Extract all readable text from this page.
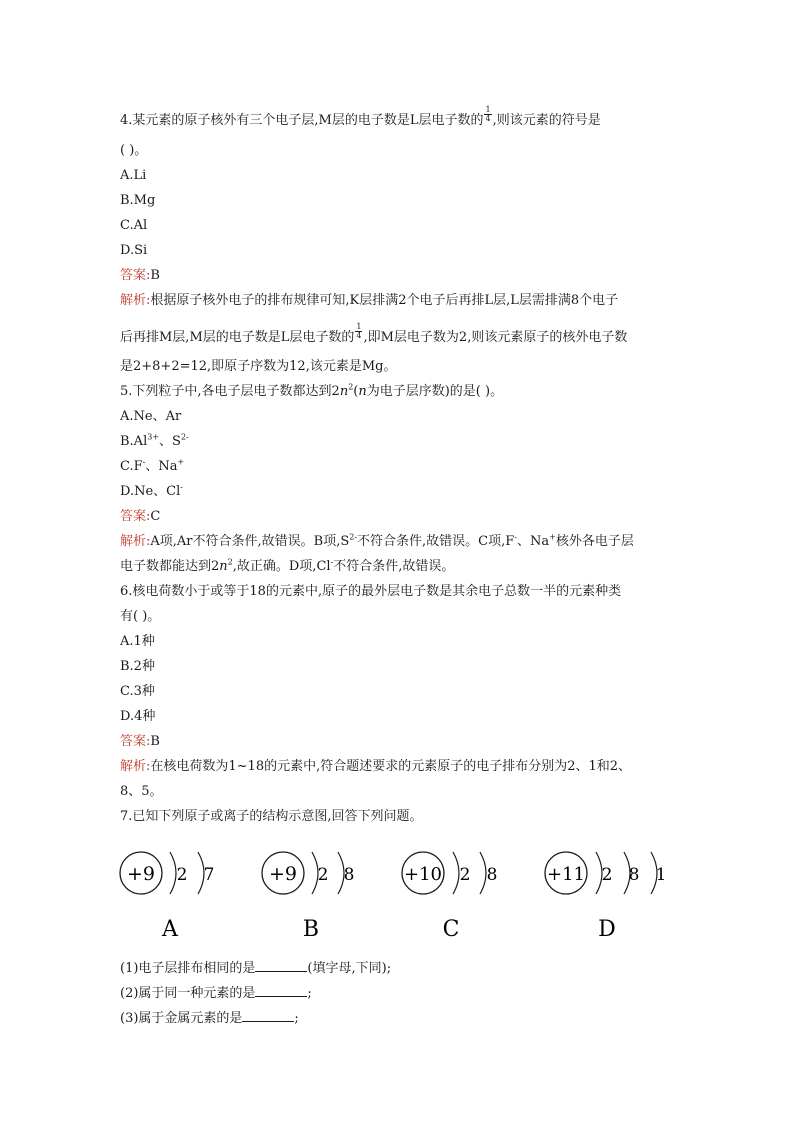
4.某元素的原子核外有三个电子层,M层的电子数是L层电子数的 $\frac{1}{4}$ ,则该元素的符号是
( )。
A.Li
B.Mg
C.Al
D.Si
答案:B
解析:根据原子核外电子的排布规律可知,K层排满2个电子后再排L层,L层需排满8个电子
后再排M层,M层的电子数是L层电子数的 $\frac{1}{4}$ ,即M层电子数为2,则该元素原子的核外电子数
是2+8+2=12,即原子序数为12,该元素是Mg。
5.下列粒子中,各电子层电子数都达到$2n^2(n$为电子层序数)的是( )。
A.Ne、Ar
$B.Al^{3+}$、$S^{2-}$
C.F-、Na+
D.Ne、Cl-
答案:C
解析:A项,Ar不符合条件,故错误。B项$,S^{2-}$不符合条件,故错误。C项,F-、Na+核外各电子层
电子数都能达到$2n^2$,故正确。D项,Cl-不符合条件,故错误。
6.核电荷数小于或等于18的元素中,原子的最外层电子数是其余电子总数一半的元素种类
有( )。
A.1种
B.2种
C.3种
D.4种
答案:B
解析:在核电荷数为1~18的元素中,符合题述要求的元素原子的电子排布分别为2、1和2、
8、5。
7.已知下列原子或离子的结构示意图,回答下列问题。
+9 2 7
A
+9 2 8
B
+10 2 8
C
+11 2 8 1
D
(1)电子层排布相同的是	(填字母,下同);
(2)属于同一种元素的是	;
(3)属于金属元素的是	;
